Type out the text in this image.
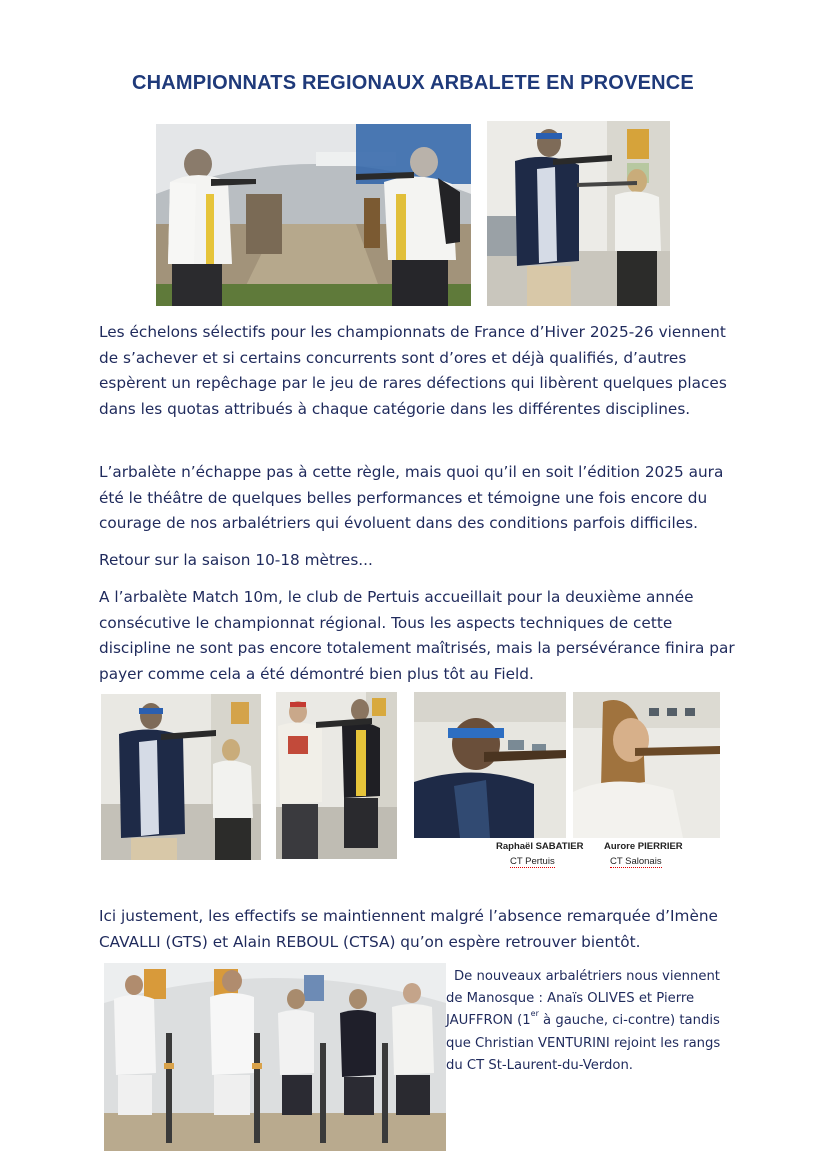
CHAMPIONNATS REGIONAUX ARBALETE EN PROVENCE

Les échelons sélectifs pour les championnats de France d’Hiver 2025-26 viennent de s’achever et si certains concurrents sont d’ores et déjà qualifiés, d’autres espèrent un repêchage par le jeu de rares défections qui libèrent quelques places dans les quotas attribués à chaque catégorie dans les différentes disciplines.

L’arbalète n’échappe pas à cette règle, mais quoi qu’il en soit l’édition 2025 aura été le théâtre de quelques belles performances et témoigne une fois encore du courage de nos arbalétriers qui évoluent dans des conditions parfois difficiles.

Retour sur la saison 10-18 mètres...

A l’arbalète Match 10m, le club de Pertuis accueillait pour la deuxième année consécutive le championnat régional. Tous les aspects techniques de cette discipline ne sont pas encore totalement maîtrisés, mais la persévérance finira par payer comme cela a été démontré bien plus tôt au Field.

Raphaël SABATIER Aurore PIERRIER
CT Pertuis	CT Salonais

Ici justement, les effectifs se maintiennent malgré l’absence remarquée d’Imène CAVALLI (GTS) et Alain REBOUL (CTSA) qu’on espère retrouver bientôt.

De nouveaux arbalétriers nous viennent de Manosque : Anaïs OLIVES et Pierre JAUFFRON (1er à gauche, ci-contre) tandis que Christian VENTURINI rejoint les rangs du CT St-Laurent-du-Verdon.
